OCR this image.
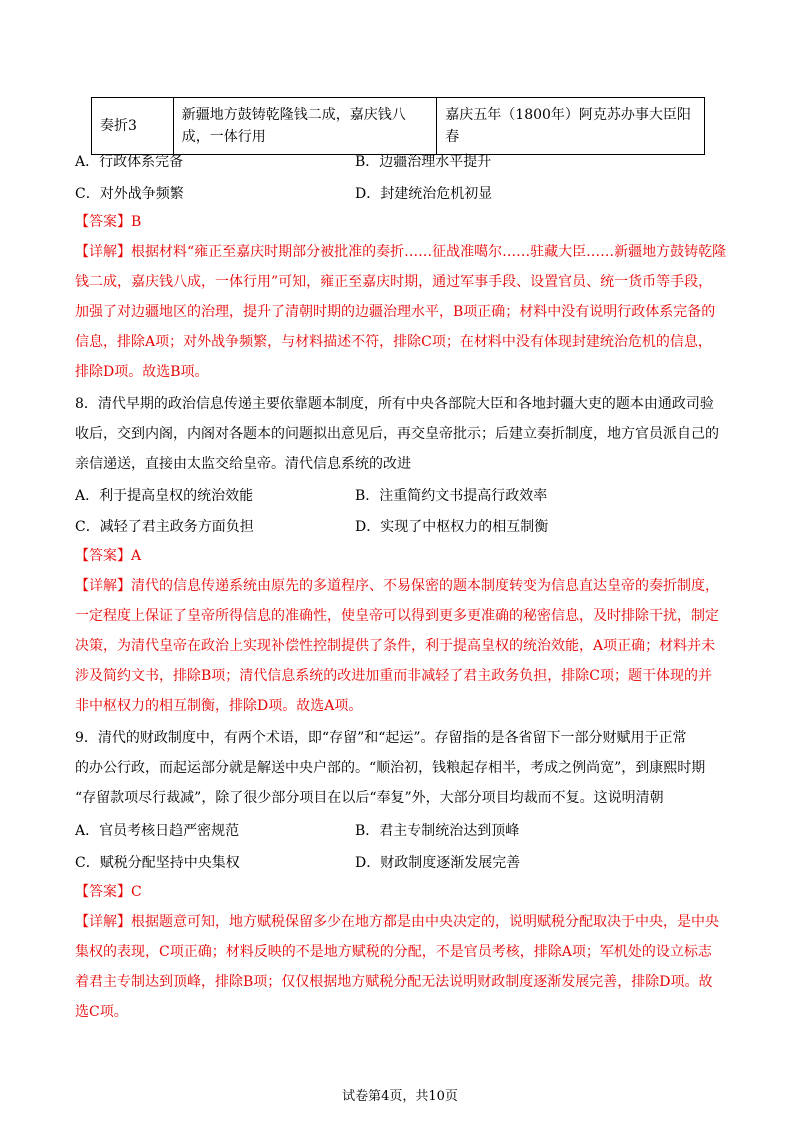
奏折3	新疆地方鼓铸乾隆钱二成，嘉庆钱八成，一体行用	嘉庆五年（1800年）阿克苏办事大臣阳春
A．行政体系完备	B．边疆治理水平提升
C．对外战争频繁	D．封建统治危机初显
【答案】B
【详解】根据材料“雍正至嘉庆时期部分被批准的奏折……征战准噶尔……驻藏大臣……新疆地方鼓铸乾隆
钱二成，嘉庆钱八成，一体行用”可知，雍正至嘉庆时期，通过军事手段、设置官员、统一货币等手段，
加强了对边疆地区的治理，提升了清朝时期的边疆治理水平，B项正确；材料中没有说明行政体系完备的
信息，排除A项；对外战争频繁，与材料描述不符，排除C项；在材料中没有体现封建统治危机的信息，
排除D项。故选B项。
8．清代早期的政治信息传递主要依靠题本制度，所有中央各部院大臣和各地封疆大吏的题本由通政司验
收后，交到内阁，内阁对各题本的问题拟出意见后，再交皇帝批示；后建立奏折制度，地方官员派自己的
亲信递送，直接由太监交给皇帝。清代信息系统的改进
A．利于提高皇权的统治效能	B．注重简约文书提高行政效率
C．减轻了君主政务方面负担	D．实现了中枢权力的相互制衡
【答案】A
【详解】清代的信息传递系统由原先的多道程序、不易保密的题本制度转变为信息直达皇帝的奏折制度，
一定程度上保证了皇帝所得信息的准确性，使皇帝可以得到更多更准确的秘密信息，及时排除干扰，制定
决策，为清代皇帝在政治上实现补偿性控制提供了条件，利于提高皇权的统治效能，A项正确；材料并未
涉及简约文书，排除B项；清代信息系统的改进加重而非减轻了君主政务负担，排除C项；题干体现的并
非中枢权力的相互制衡，排除D项。故选A项。
9．清代的财政制度中，有两个术语，即“存留”和“起运”。存留指的是各省留下一部分财赋用于正常
的办公行政，而起运部分就是解送中央户部的。“顺治初，钱粮起存相半，考成之例尚宽”，到康熙时期
“存留款项尽行裁减”，除了很少部分项目在以后“奉复”外，大部分项目均裁而不复。这说明清朝
A．官员考核日趋严密规范	B．君主专制统治达到顶峰
C．赋税分配坚持中央集权	D．财政制度逐渐发展完善
【答案】C
【详解】根据题意可知，地方赋税保留多少在地方都是由中央决定的，说明赋税分配取决于中央，是中央
集权的表现，C项正确；材料反映的不是地方赋税的分配，不是官员考核，排除A项；军机处的设立标志
着君主专制达到顶峰，排除B项；仅仅根据地方赋税分配无法说明财政制度逐渐发展完善，排除D项。故
选C项。
试卷第4页，共10页
